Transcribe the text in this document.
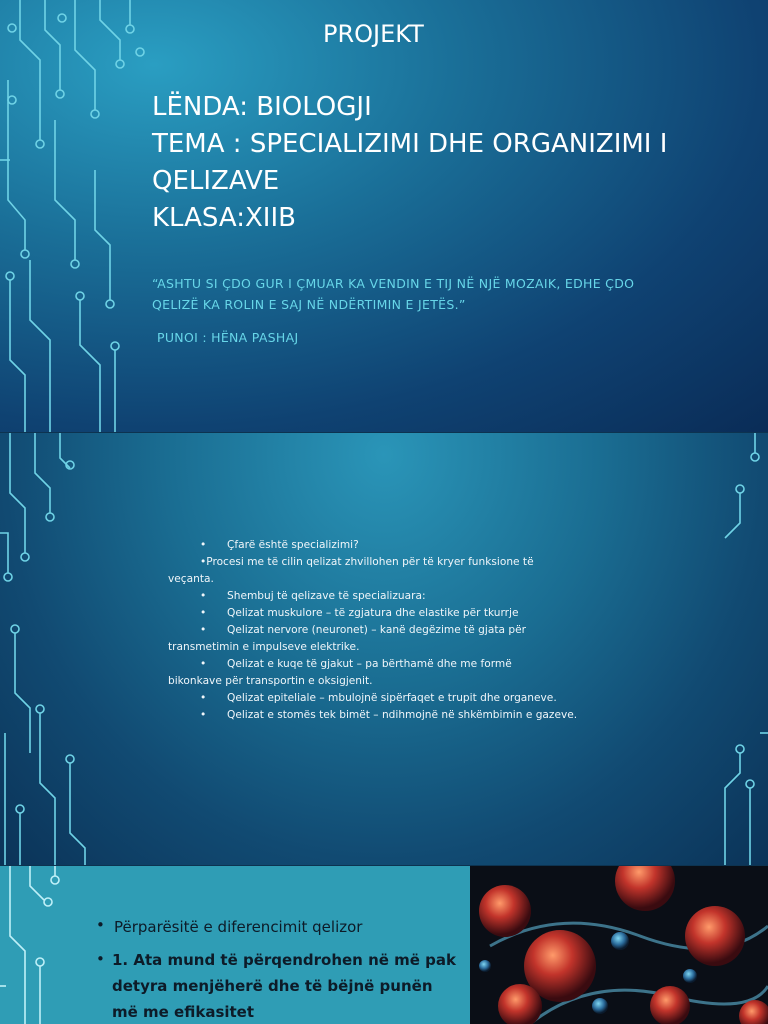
PROJEKT
LËNDA: BIOLOGJI
TEMA : SPECIALIZIMI DHE ORGANIZIMI I
QELIZAVE
KLASA:XIIB
“ASHTU SI ÇDO GUR I ÇMUAR KA VENDIN E TIJ NË NJË MOZAIK, EDHE ÇDO
QELIZË KA ROLIN E SAJ NË NDËRTIMIN E JETËS.”
PUNOI : HËNA PASHAJ
• Çfarë është specializimi?
•Procesi me të cilin qelizat zhvillohen për të kryer funksione të
veçanta.
• Shembuj të qelizave të specializuara:
• Qelizat muskulore – të zgjatura dhe elastike për tkurrje
• Qelizat nervore (neuronet) – kanë degëzime të gjata për
transmetimin e impulseve elektrike.
• Qelizat e kuqe të gjakut – pa bërthamë dhe me formë
bikonkave për transportin e oksigjenit.
• Qelizat epiteliale – mbulojnë sipërfaqet e trupit dhe organeve.
• Qelizat e stomës tek bimët – ndihmojnë në shkëmbimin e gazeve.
• Përparësitë e diferencimit qelizor
• 1. Ata mund të përqendrohen në më pak
detyra menjëherë dhe të bëjnë punën
më me efikasitet
